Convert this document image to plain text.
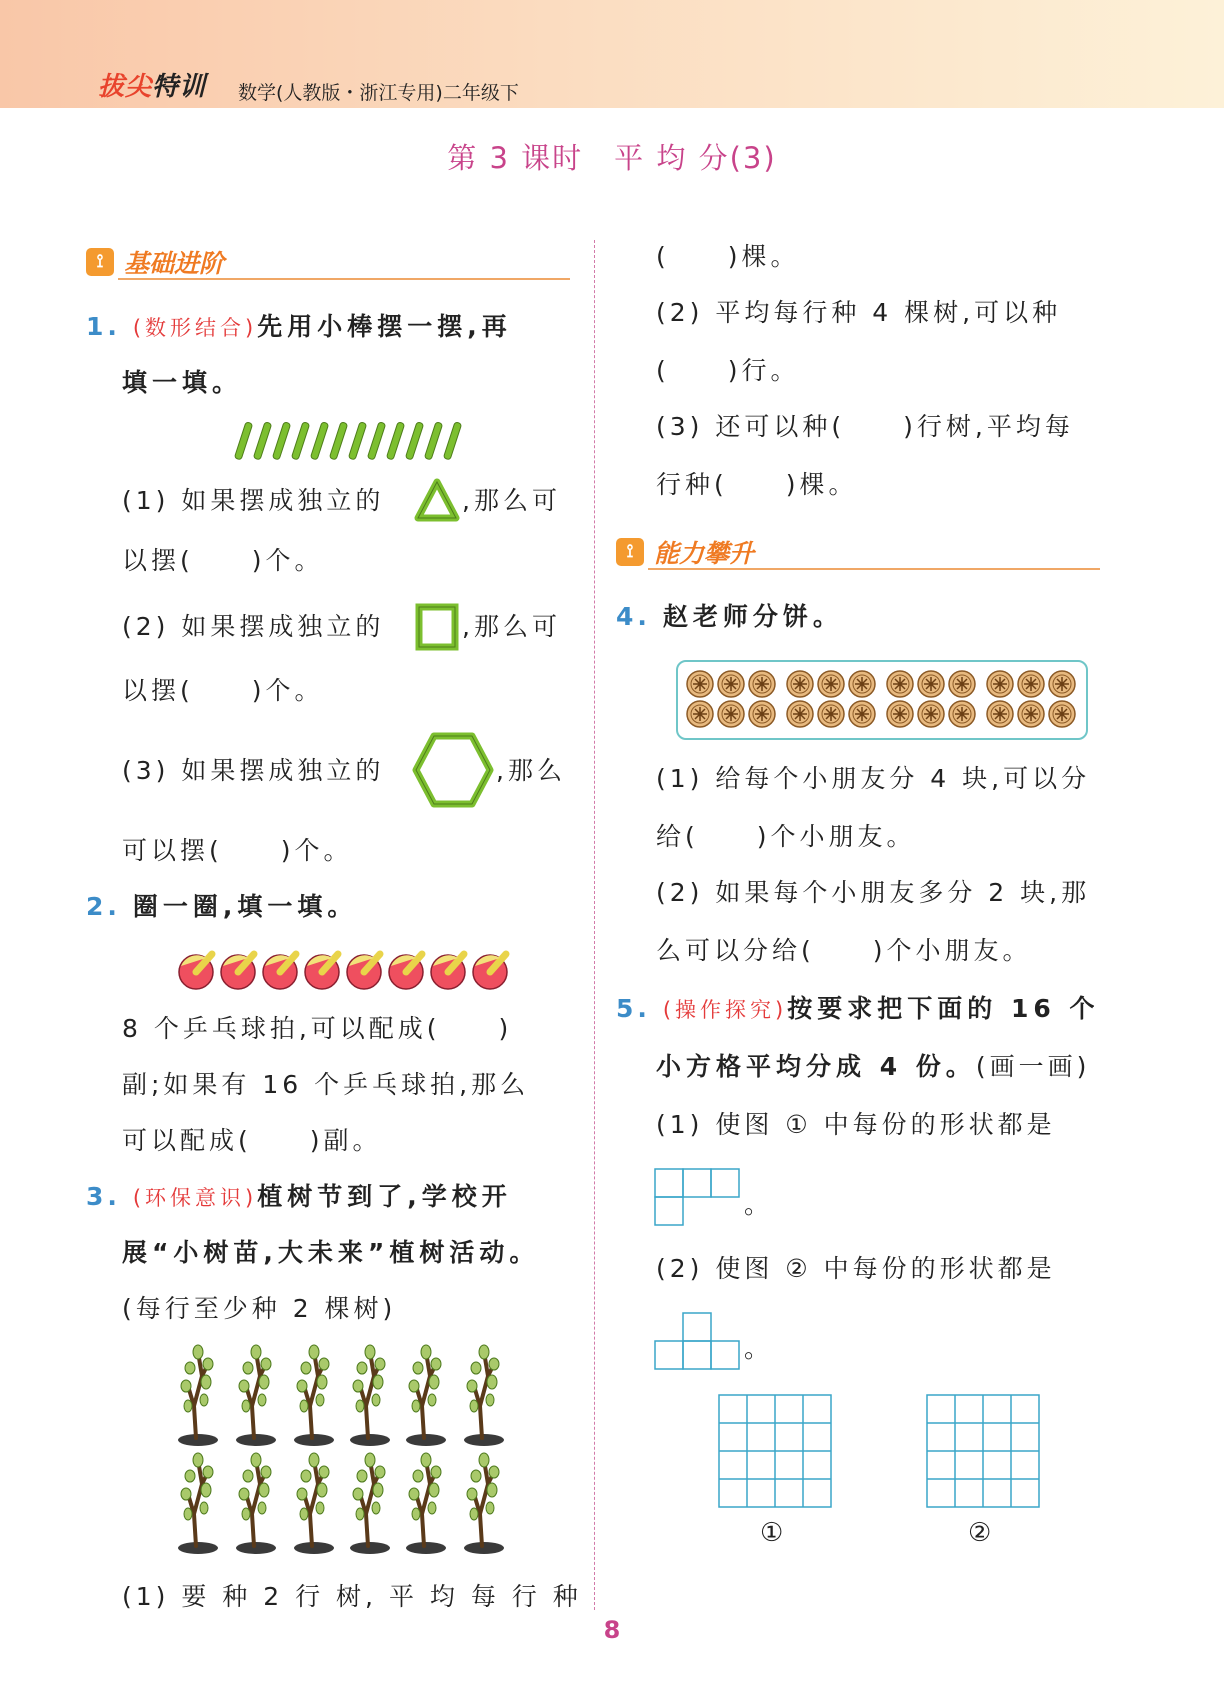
拔尖特训 数学(人教版・浙江专用)二年级下
第 3 课时　平 均 分(3)
⟟ 基础进阶
1. (数形结合)先用小棒摆一摆,再
填一填。
(1) 如果摆成独立的	,那么可
以摆(　　)个。
(2) 如果摆成独立的	,那么可
以摆(　　)个。
(3) 如果摆成独立的	,那么
可以摆(　　)个。
2. 圈一圈,填一填。
8 个乒乓球拍,可以配成(　　)
副;如果有 16 个乒乓球拍,那么
可以配成(　　)副。
3. (环保意识)植树节到了,学校开
展“小树苗,大未来”植树活动。
(每行至少种 2 棵树)
(1) 要 种 2 行 树, 平 均 每 行 种
(　　)棵。
(2) 平均每行种 4 棵树,可以种
(　　)行。
(3) 还可以种(　　)行树,平均每
行种(　　)棵。
⟟ 能力攀升
4. 赵老师分饼。
(1) 给每个小朋友分 4 块,可以分
给(　　)个小朋友。
(2) 如果每个小朋友多分 2 块,那
么可以分给(　　)个小朋友。
5. (操作探究)按要求把下面的 16 个
小方格平均分成 4 份。(画一画)
(1) 使图 ① 中每份的形状都是
。
(2) 使图 ② 中每份的形状都是
。
①	②
8
